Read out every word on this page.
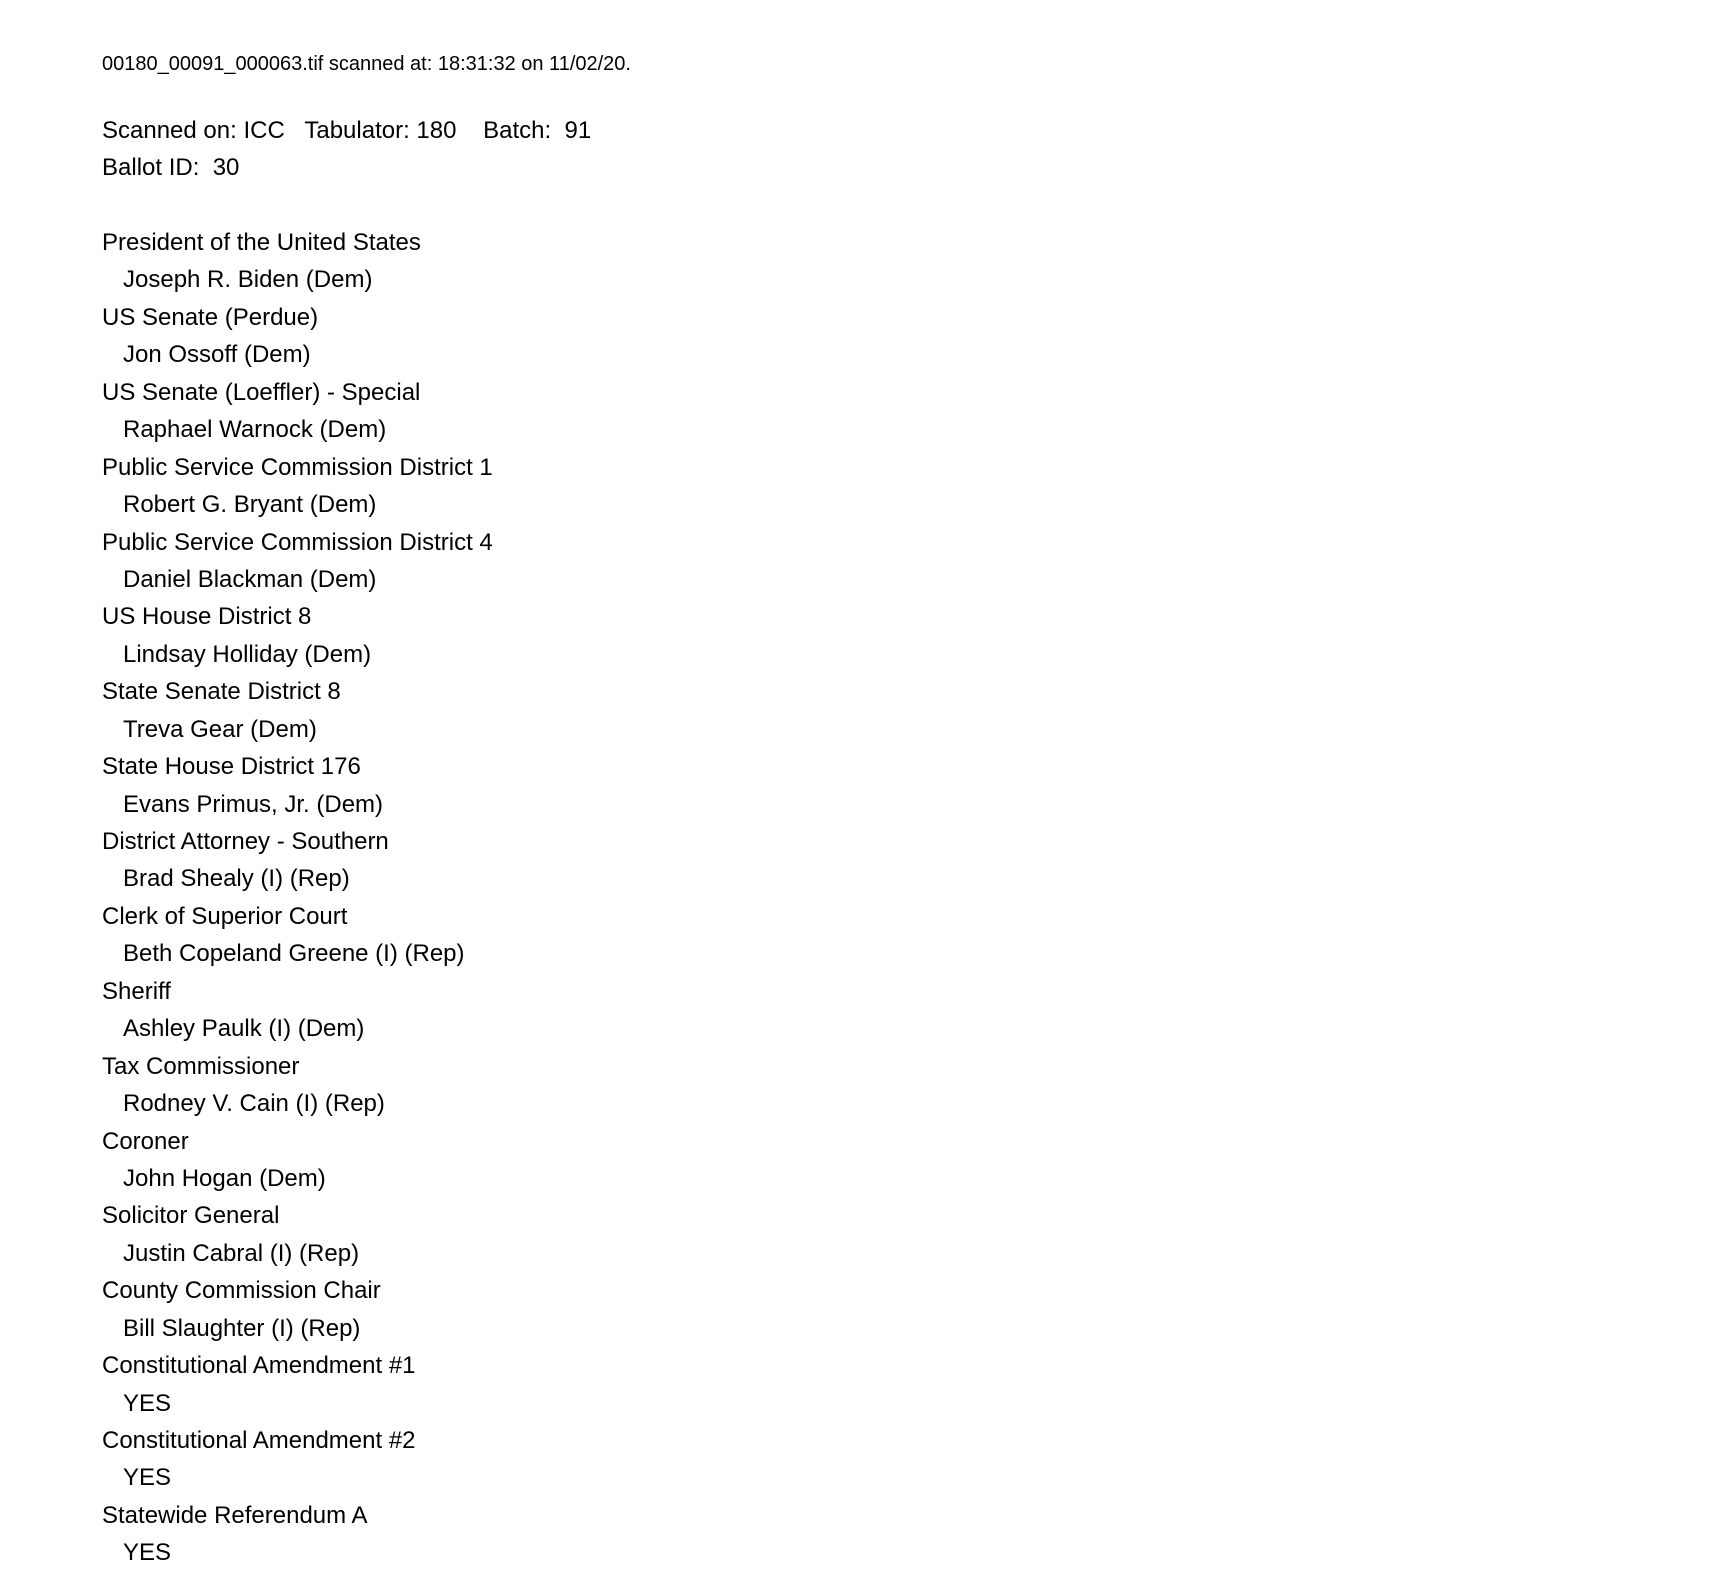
00180_00091_000063.tif scanned at: 18:31:32 on 11/02/20.
Scanned on: ICC   Tabulator: 180    Batch:  91
Ballot ID:  30
President of the United States
Joseph R. Biden (Dem)
US Senate (Perdue)
Jon Ossoff (Dem)
US Senate (Loeffler) - Special
Raphael Warnock (Dem)
Public Service Commission District 1
Robert G. Bryant (Dem)
Public Service Commission District 4
Daniel Blackman (Dem)
US House District 8
Lindsay Holliday (Dem)
State Senate District 8
Treva Gear (Dem)
State House District 176
Evans Primus, Jr. (Dem)
District Attorney - Southern
Brad Shealy (I) (Rep)
Clerk of Superior Court
Beth Copeland Greene (I) (Rep)
Sheriff
Ashley Paulk (I) (Dem)
Tax Commissioner
Rodney V. Cain (I) (Rep)
Coroner
John Hogan (Dem)
Solicitor General
Justin Cabral (I) (Rep)
County Commission Chair
Bill Slaughter (I) (Rep)
Constitutional Amendment #1
YES
Constitutional Amendment #2
YES
Statewide Referendum A
YES
